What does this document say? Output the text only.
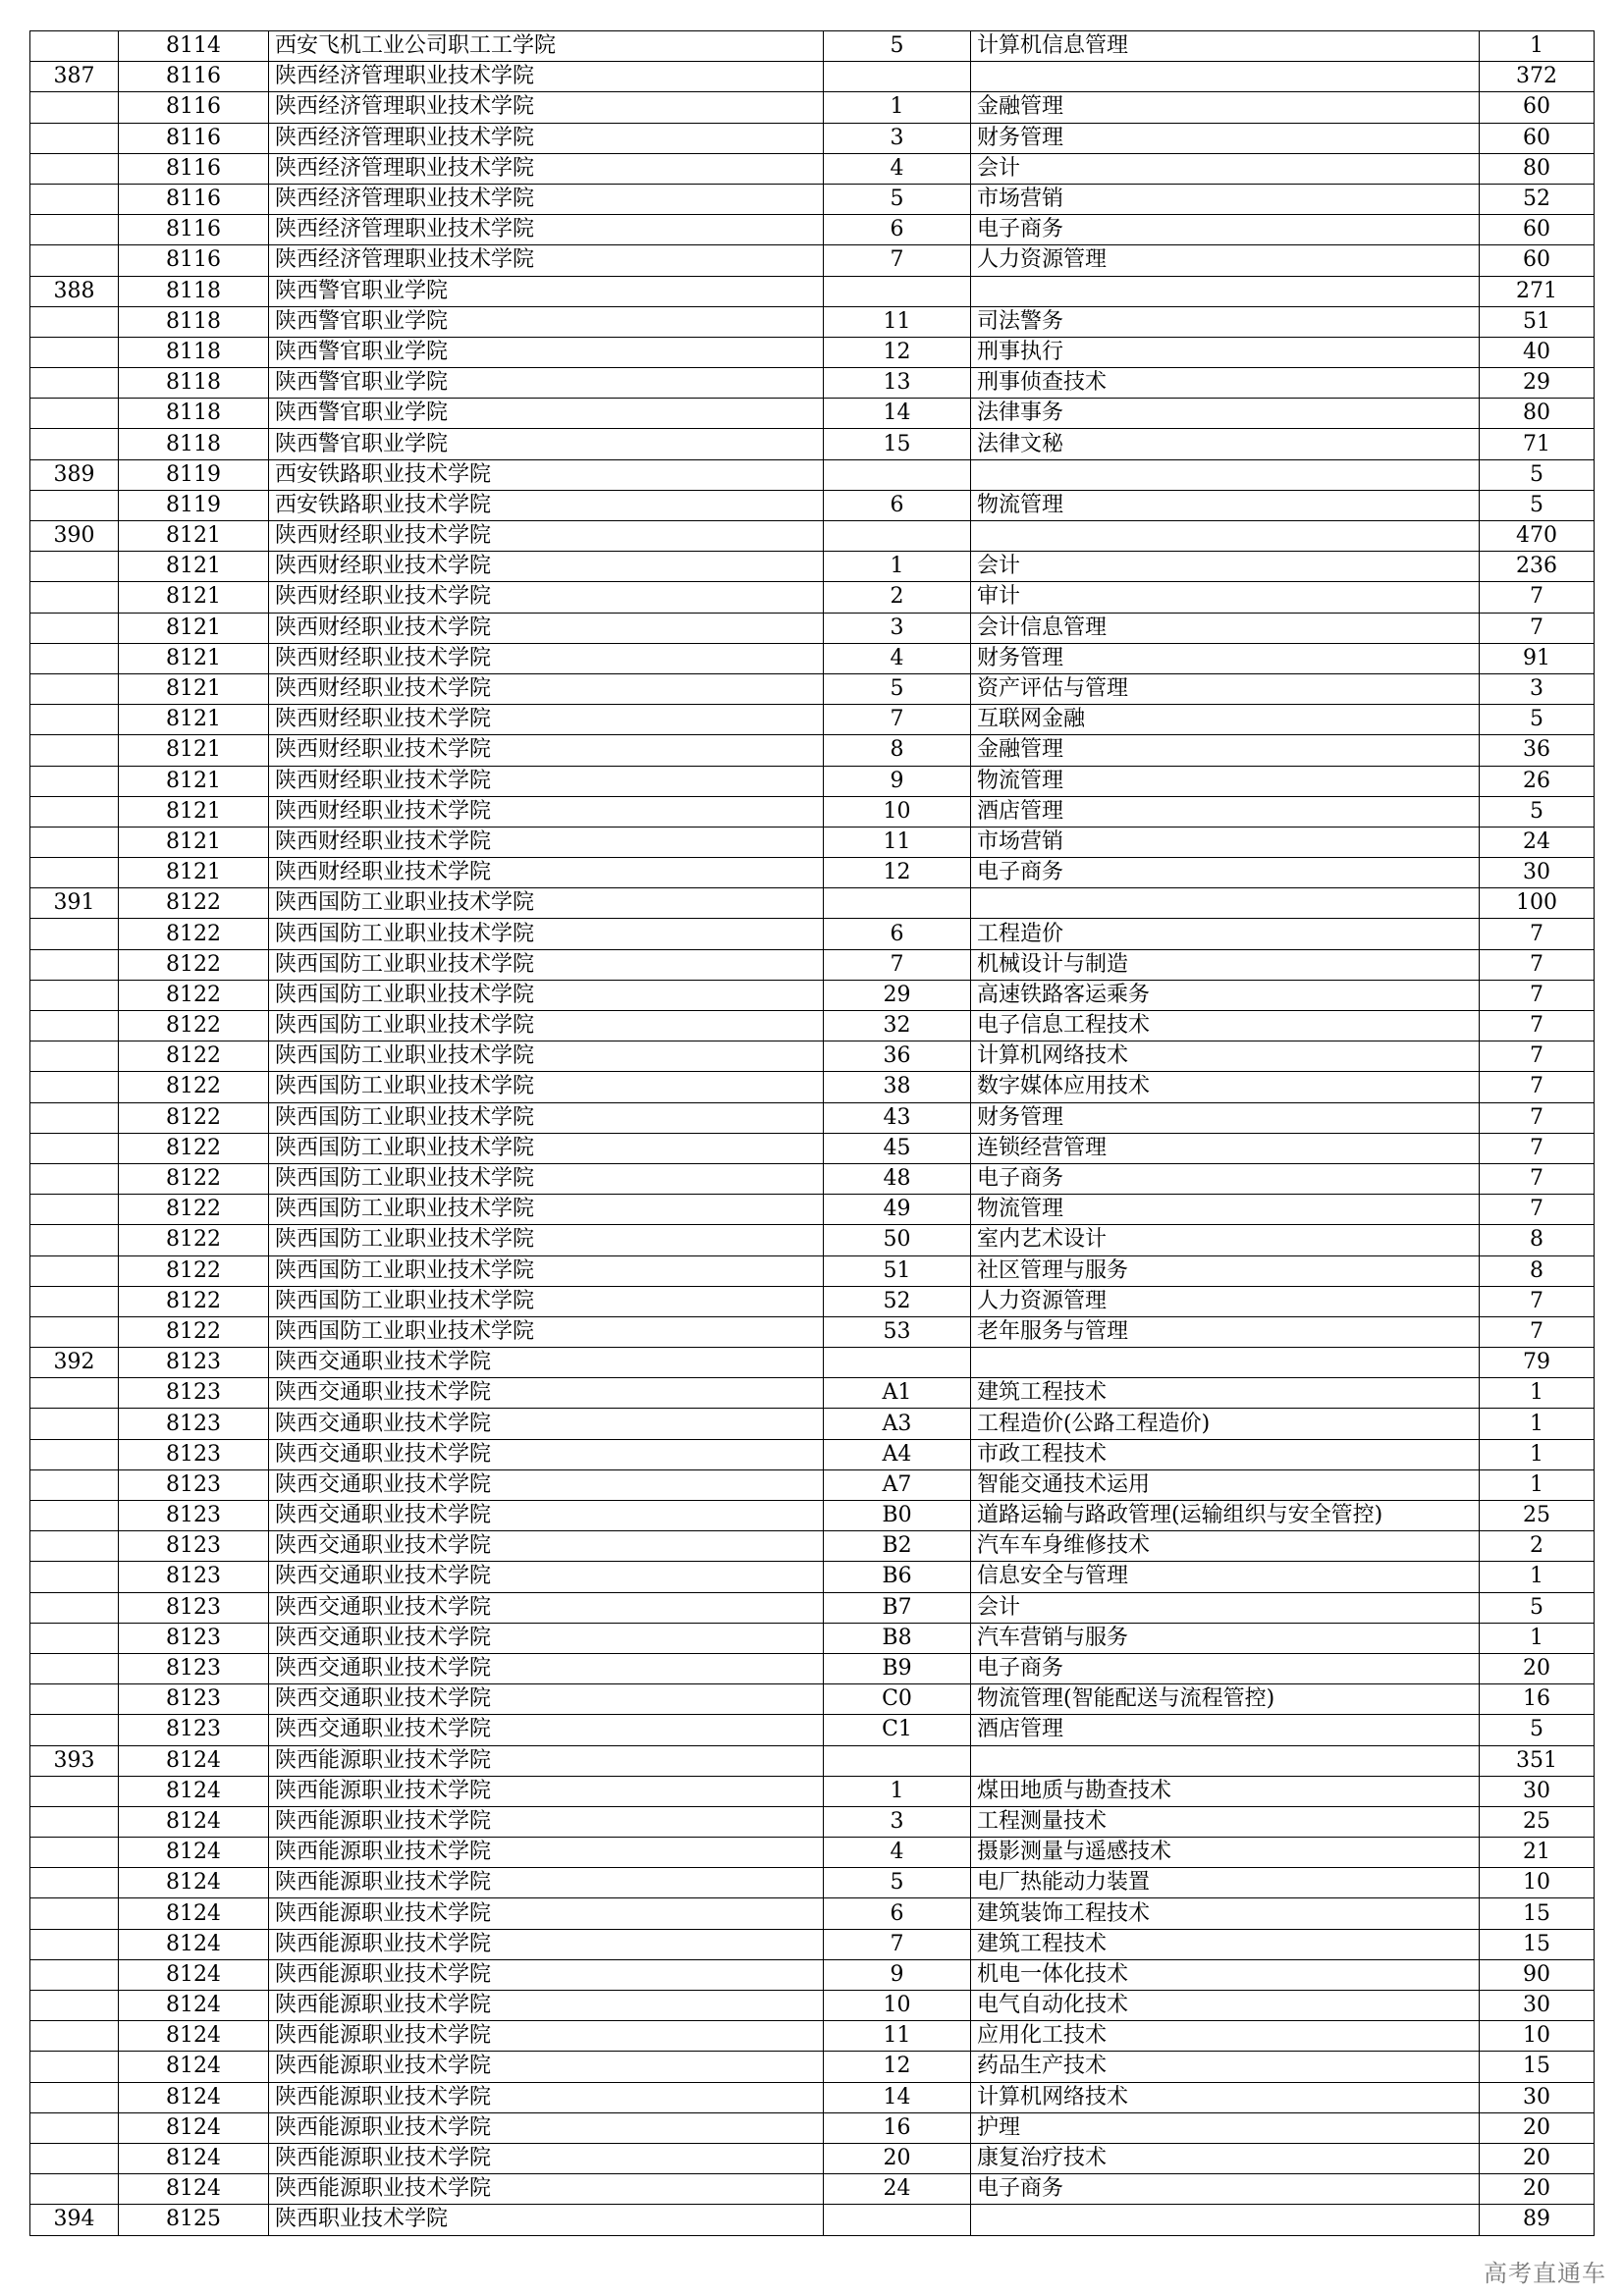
	8114	西安飞机工业公司职工工学院	5	计算机信息管理	1
387	8116	陕西经济管理职业技术学院			372
	8116	陕西经济管理职业技术学院	1	金融管理	60
	8116	陕西经济管理职业技术学院	3	财务管理	60
	8116	陕西经济管理职业技术学院	4	会计	80
	8116	陕西经济管理职业技术学院	5	市场营销	52
	8116	陕西经济管理职业技术学院	6	电子商务	60
	8116	陕西经济管理职业技术学院	7	人力资源管理	60
388	8118	陕西警官职业学院			271
	8118	陕西警官职业学院	11	司法警务	51
	8118	陕西警官职业学院	12	刑事执行	40
	8118	陕西警官职业学院	13	刑事侦查技术	29
	8118	陕西警官职业学院	14	法律事务	80
	8118	陕西警官职业学院	15	法律文秘	71
389	8119	西安铁路职业技术学院			5
	8119	西安铁路职业技术学院	6	物流管理	5
390	8121	陕西财经职业技术学院			470
	8121	陕西财经职业技术学院	1	会计	236
	8121	陕西财经职业技术学院	2	审计	7
	8121	陕西财经职业技术学院	3	会计信息管理	7
	8121	陕西财经职业技术学院	4	财务管理	91
	8121	陕西财经职业技术学院	5	资产评估与管理	3
	8121	陕西财经职业技术学院	7	互联网金融	5
	8121	陕西财经职业技术学院	8	金融管理	36
	8121	陕西财经职业技术学院	9	物流管理	26
	8121	陕西财经职业技术学院	10	酒店管理	5
	8121	陕西财经职业技术学院	11	市场营销	24
	8121	陕西财经职业技术学院	12	电子商务	30
391	8122	陕西国防工业职业技术学院			100
	8122	陕西国防工业职业技术学院	6	工程造价	7
	8122	陕西国防工业职业技术学院	7	机械设计与制造	7
	8122	陕西国防工业职业技术学院	29	高速铁路客运乘务	7
	8122	陕西国防工业职业技术学院	32	电子信息工程技术	7
	8122	陕西国防工业职业技术学院	36	计算机网络技术	7
	8122	陕西国防工业职业技术学院	38	数字媒体应用技术	7
	8122	陕西国防工业职业技术学院	43	财务管理	7
	8122	陕西国防工业职业技术学院	45	连锁经营管理	7
	8122	陕西国防工业职业技术学院	48	电子商务	7
	8122	陕西国防工业职业技术学院	49	物流管理	7
	8122	陕西国防工业职业技术学院	50	室内艺术设计	8
	8122	陕西国防工业职业技术学院	51	社区管理与服务	8
	8122	陕西国防工业职业技术学院	52	人力资源管理	7
	8122	陕西国防工业职业技术学院	53	老年服务与管理	7
392	8123	陕西交通职业技术学院			79
	8123	陕西交通职业技术学院	A1	建筑工程技术	1
	8123	陕西交通职业技术学院	A3	工程造价(公路工程造价)	1
	8123	陕西交通职业技术学院	A4	市政工程技术	1
	8123	陕西交通职业技术学院	A7	智能交通技术运用	1
	8123	陕西交通职业技术学院	B0	道路运输与路政管理(运输组织与安全管控)	25
	8123	陕西交通职业技术学院	B2	汽车车身维修技术	2
	8123	陕西交通职业技术学院	B6	信息安全与管理	1
	8123	陕西交通职业技术学院	B7	会计	5
	8123	陕西交通职业技术学院	B8	汽车营销与服务	1
	8123	陕西交通职业技术学院	B9	电子商务	20
	8123	陕西交通职业技术学院	C0	物流管理(智能配送与流程管控)	16
	8123	陕西交通职业技术学院	C1	酒店管理	5
393	8124	陕西能源职业技术学院			351
	8124	陕西能源职业技术学院	1	煤田地质与勘查技术	30
	8124	陕西能源职业技术学院	3	工程测量技术	25
	8124	陕西能源职业技术学院	4	摄影测量与遥感技术	21
	8124	陕西能源职业技术学院	5	电厂热能动力装置	10
	8124	陕西能源职业技术学院	6	建筑装饰工程技术	15
	8124	陕西能源职业技术学院	7	建筑工程技术	15
	8124	陕西能源职业技术学院	9	机电一体化技术	90
	8124	陕西能源职业技术学院	10	电气自动化技术	30
	8124	陕西能源职业技术学院	11	应用化工技术	10
	8124	陕西能源职业技术学院	12	药品生产技术	15
	8124	陕西能源职业技术学院	14	计算机网络技术	30
	8124	陕西能源职业技术学院	16	护理	20
	8124	陕西能源职业技术学院	20	康复治疗技术	20
	8124	陕西能源职业技术学院	24	电子商务	20
394	8125	陕西职业技术学院			89
高考直通车
